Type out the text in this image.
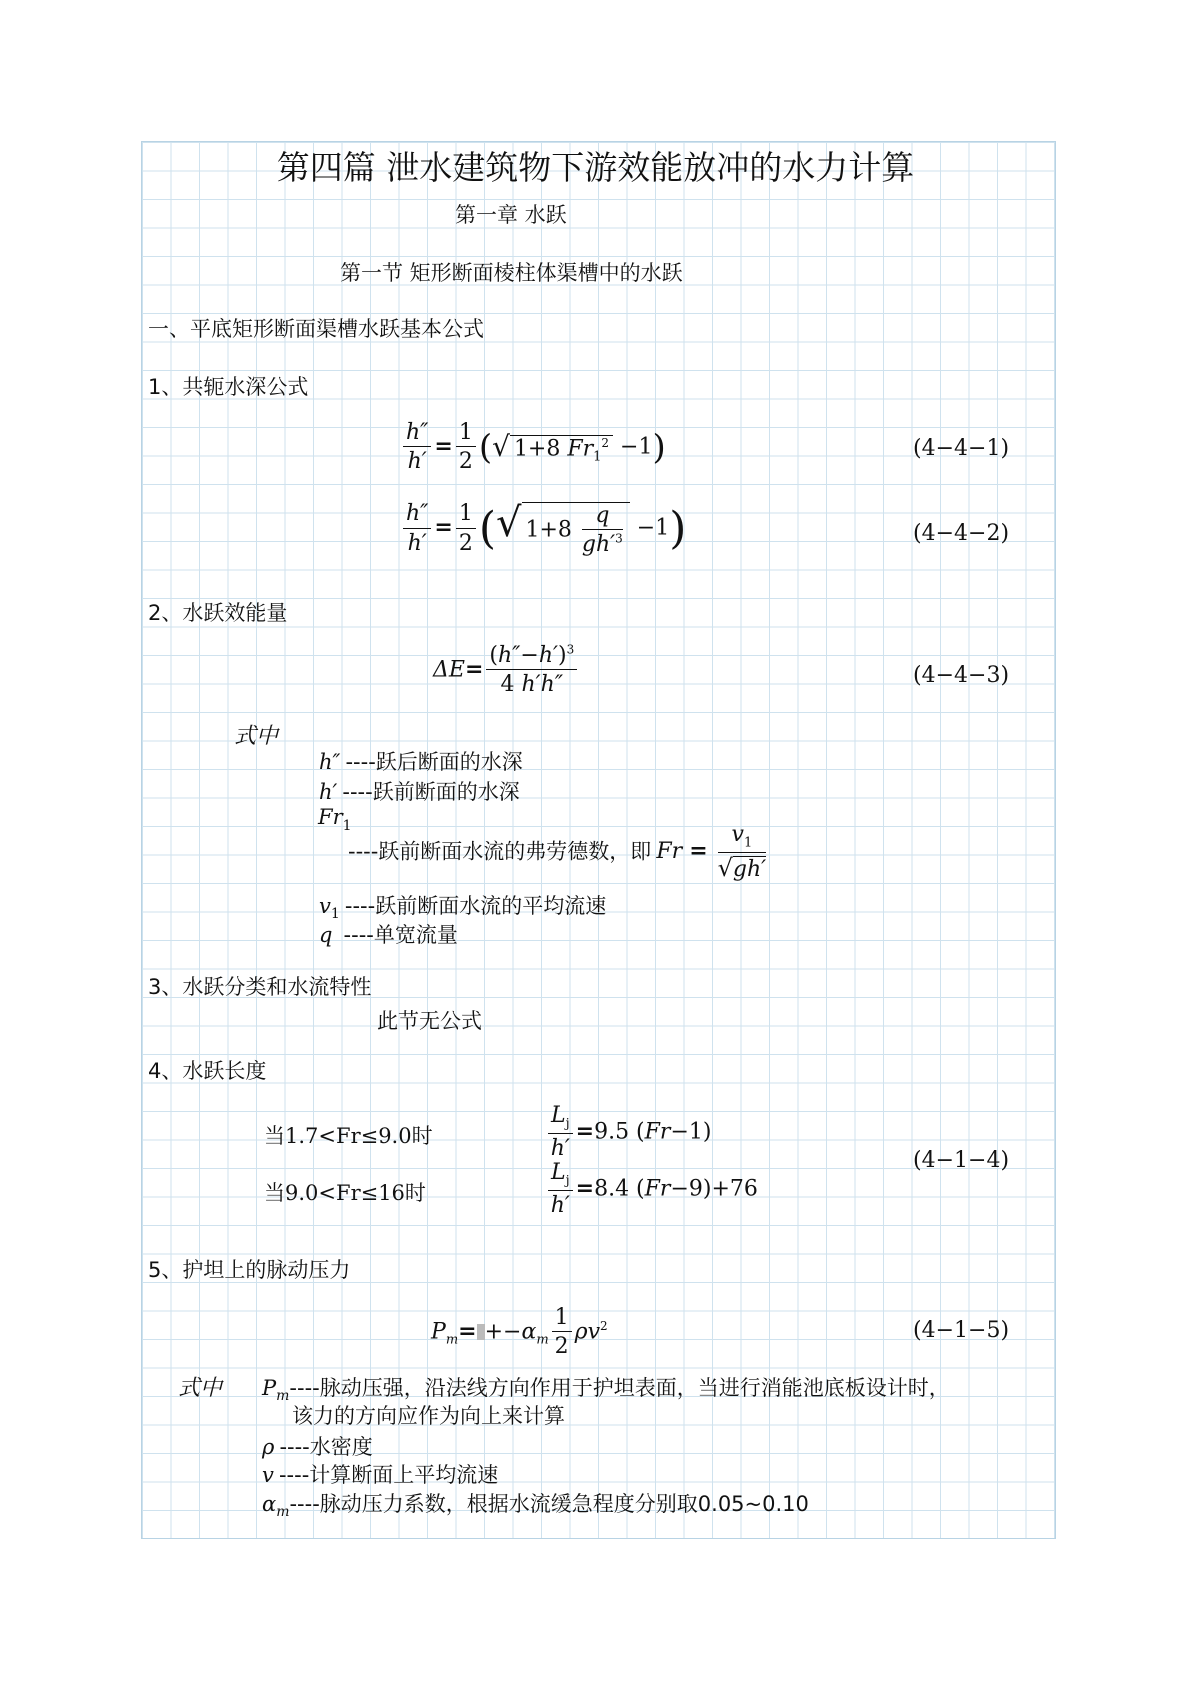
第四篇 泄水建筑物下游效能放冲的水力计算
第一章 水跃
第一节 矩形断面棱柱体渠槽中的水跃
一、平底矩形断面渠槽水跃基本公式
1、共轭水深公式
$\frac{h''}{h'} = \frac{1}{2}$ (√ 1+8 $Fr_1^2 -1$)	(4−4−1)
$\frac{h''}{h'} = \frac{1}{2}$ (√ $1+8 \frac{q}{gh'^3} -1$)	(4−4−2)
2、水跃效能量
$\Delta E= \frac{(h''-h')^3}{4 h'h''}$	(4−4−3)
式中
h″ ----跃后断面的水深
h′ ----跃前断面的水深
Fr1
----跃前断面水流的弗劳德数，即 $Fr = \frac{v_1}{√gh'}$
v1 ----跃前断面水流的平均流速
q ----单宽流量
3、水跃分类和水流特性
此节无公式
4、水跃长度
当1.7<Fr≤9.0时	$\frac{L_j}{h'} =9.5$ (Fr−1)
当9.0<Fr≤16时	$\frac{L_j}{h'} =8.4$ (Fr−9)+76
(4−1−4)
5、护坦上的脉动压力
$P_m= +-\alpha_m \frac{1}{2} \rho v^2$	(4−1−5)
式中 Pm----脉动压强，沿法线方向作用于护坦表面，当进行消能池底板设计时，
该力的方向应作为向上来计算
ρ ----水密度
v ----计算断面上平均流速
αm----脉动压力系数，根据水流缓急程度分别取0.05~0.10
